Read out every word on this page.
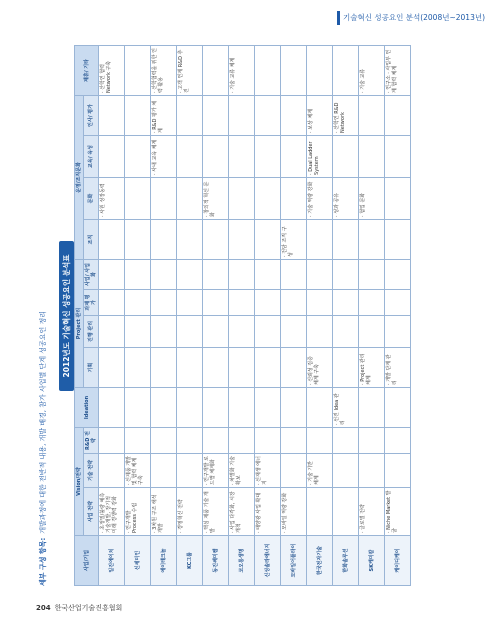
기술혁신 성공요인 분석(2008년~2013년)
세부 구성 항목:개발과정에 대한 전반적 내용, 개발 배경, 참가 사업별 단계 성공요인 정리	2012년도 기술혁신 성공요인 분석표
사업/기업	Vision/전략			Ideation	Project 관리				운영/조직문화				제휴/ 기타
	사업 전략	기술 전략	R&D 전략		기획	진행 관리	과제 평가	사업/ 사업화	조직	문화	교육/ 육성	인사/ 평가	
일진에이치	· 초정밀/불량 예측 기술개발, 장기적 미래 경쟁력 강화									· 사원 성장동력			· 산학연 협력 Network 구축
신세미인	· 연구개발 Process 수립	· 신제품 개발 및 협력 체계 구축											
에이테크놀	· 3차원 구조 해석 개발										· 사내 교육 체계	· R&D 평가 체계	· 산학협력을 위한 인력 활용
KC그룹	· 경영혁신 전략												· 고객 연계 R&D 추진
동진쎄미켐	· 핵심 제품 기술 개발	· 연구개발 로드맵 체계화								· 창의적 혁신 문화			
코오롱생명	· 사업 다각화, 시장 개척	· 차별화 기술 확보											· 기술 교류 체계
신성솔라에너지	· 태양광 사업 확대	· 신재생 에너지											
모바일어플라이	· 모바일 역량 강화								· 전담 조직 구성				
한국전자기술		· 기술 기반 체계			· 신뢰성 검증 체계 구축					· 기술 역량 강화	· Dual Ladder System	· 보상 체계	
한화솔루션				· 선진 Idea 관리						· 성과 공유		· 산학연 R&D Network	
SK케미칼	· 글로벌 전략				· Project 관리 체계					· 협업 문화			· 기술 교류
케이디케이	· Niche Market 발굴				· 개발 단계 관리								· 연구소 · 사업부 연계 협력 체계
204 한국산업기술진흥협회
